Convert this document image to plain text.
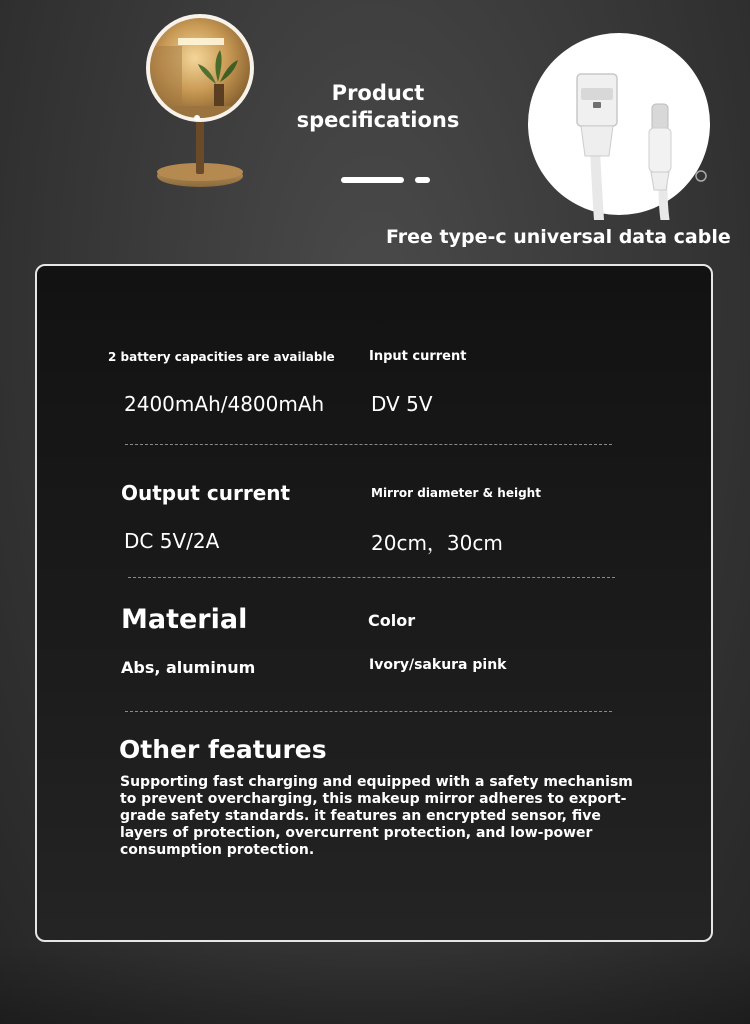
Product
specifications
Free type-c universal data cable
2 battery capacities are available	Input current
2400mAh/4800mAh DV 5V
Output current	Mirror diameter & height
DC 5V/2A	20cm，30cm
Material	Color
Abs, aluminum	Ivory/sakura pink
Other features
Supporting fast charging and equipped with a safety mechanism to prevent overcharging, this makeup mirror adheres to export-grade safety standards. it features an encrypted sensor, five layers of protection, overcurrent protection, and low-power consumption protection.
